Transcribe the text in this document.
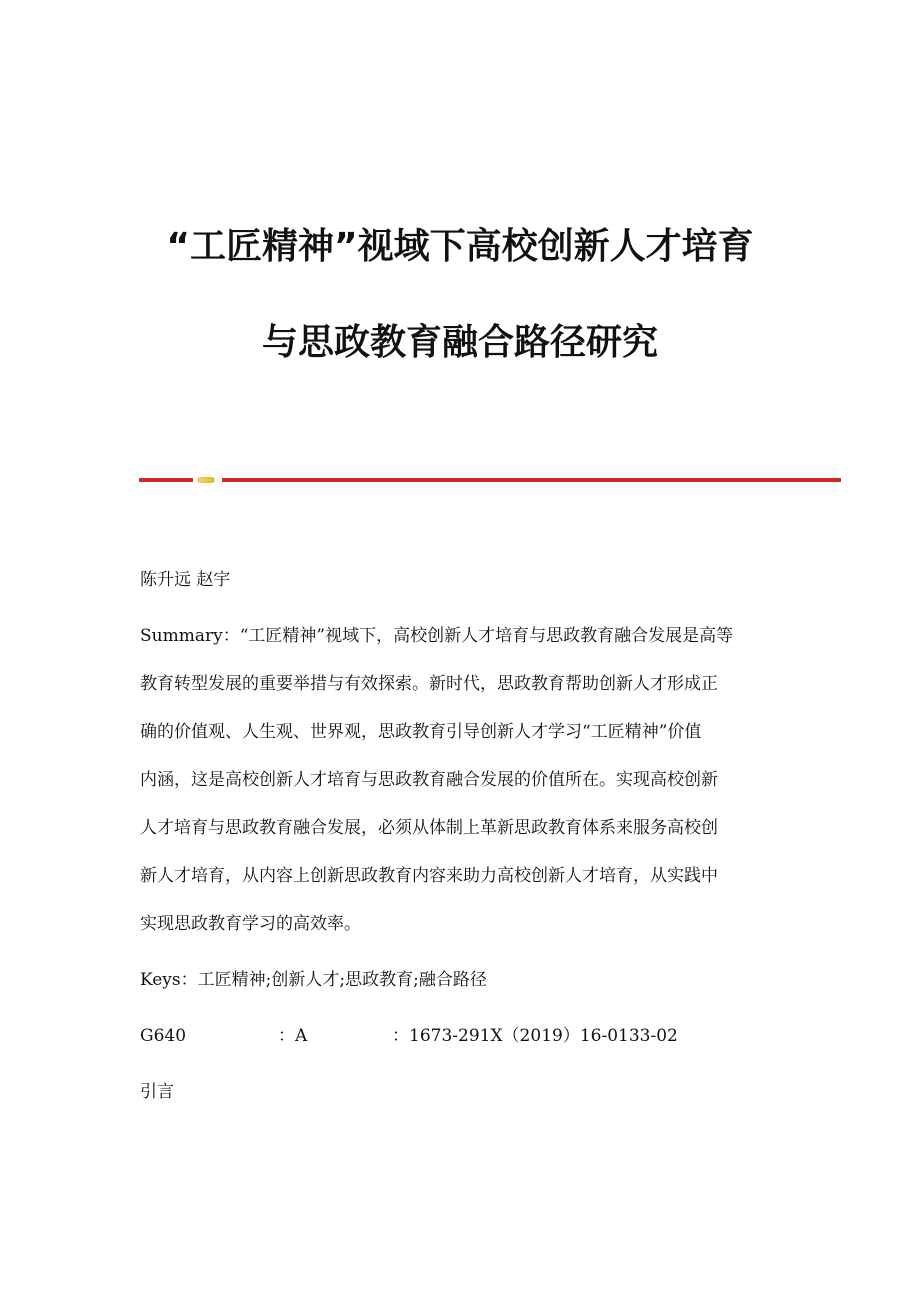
“工匠精神”视域下高校创新人才培育
与思政教育融合路径研究
陈升远 赵宇
Summary：“工匠精神”视域下，高校创新人才培育与思政教育融合发展是高等
教育转型发展的重要举措与有效探索。新时代，思政教育帮助创新人才形成正
确的价值观、人生观、世界观，思政教育引导创新人才学习“工匠精神”价值
内涵，这是高校创新人才培育与思政教育融合发展的价值所在。实现高校创新
人才培育与思政教育融合发展，必须从体制上革新思政教育体系来服务高校创
新人才培育，从内容上创新思政教育内容来助力高校创新人才培育，从实践中
实现思政教育学习的高效率。
Keys：工匠精神;创新人才;思政教育;融合路径
G640	：A	：1673-291X（2019）16-0133-02
引言
